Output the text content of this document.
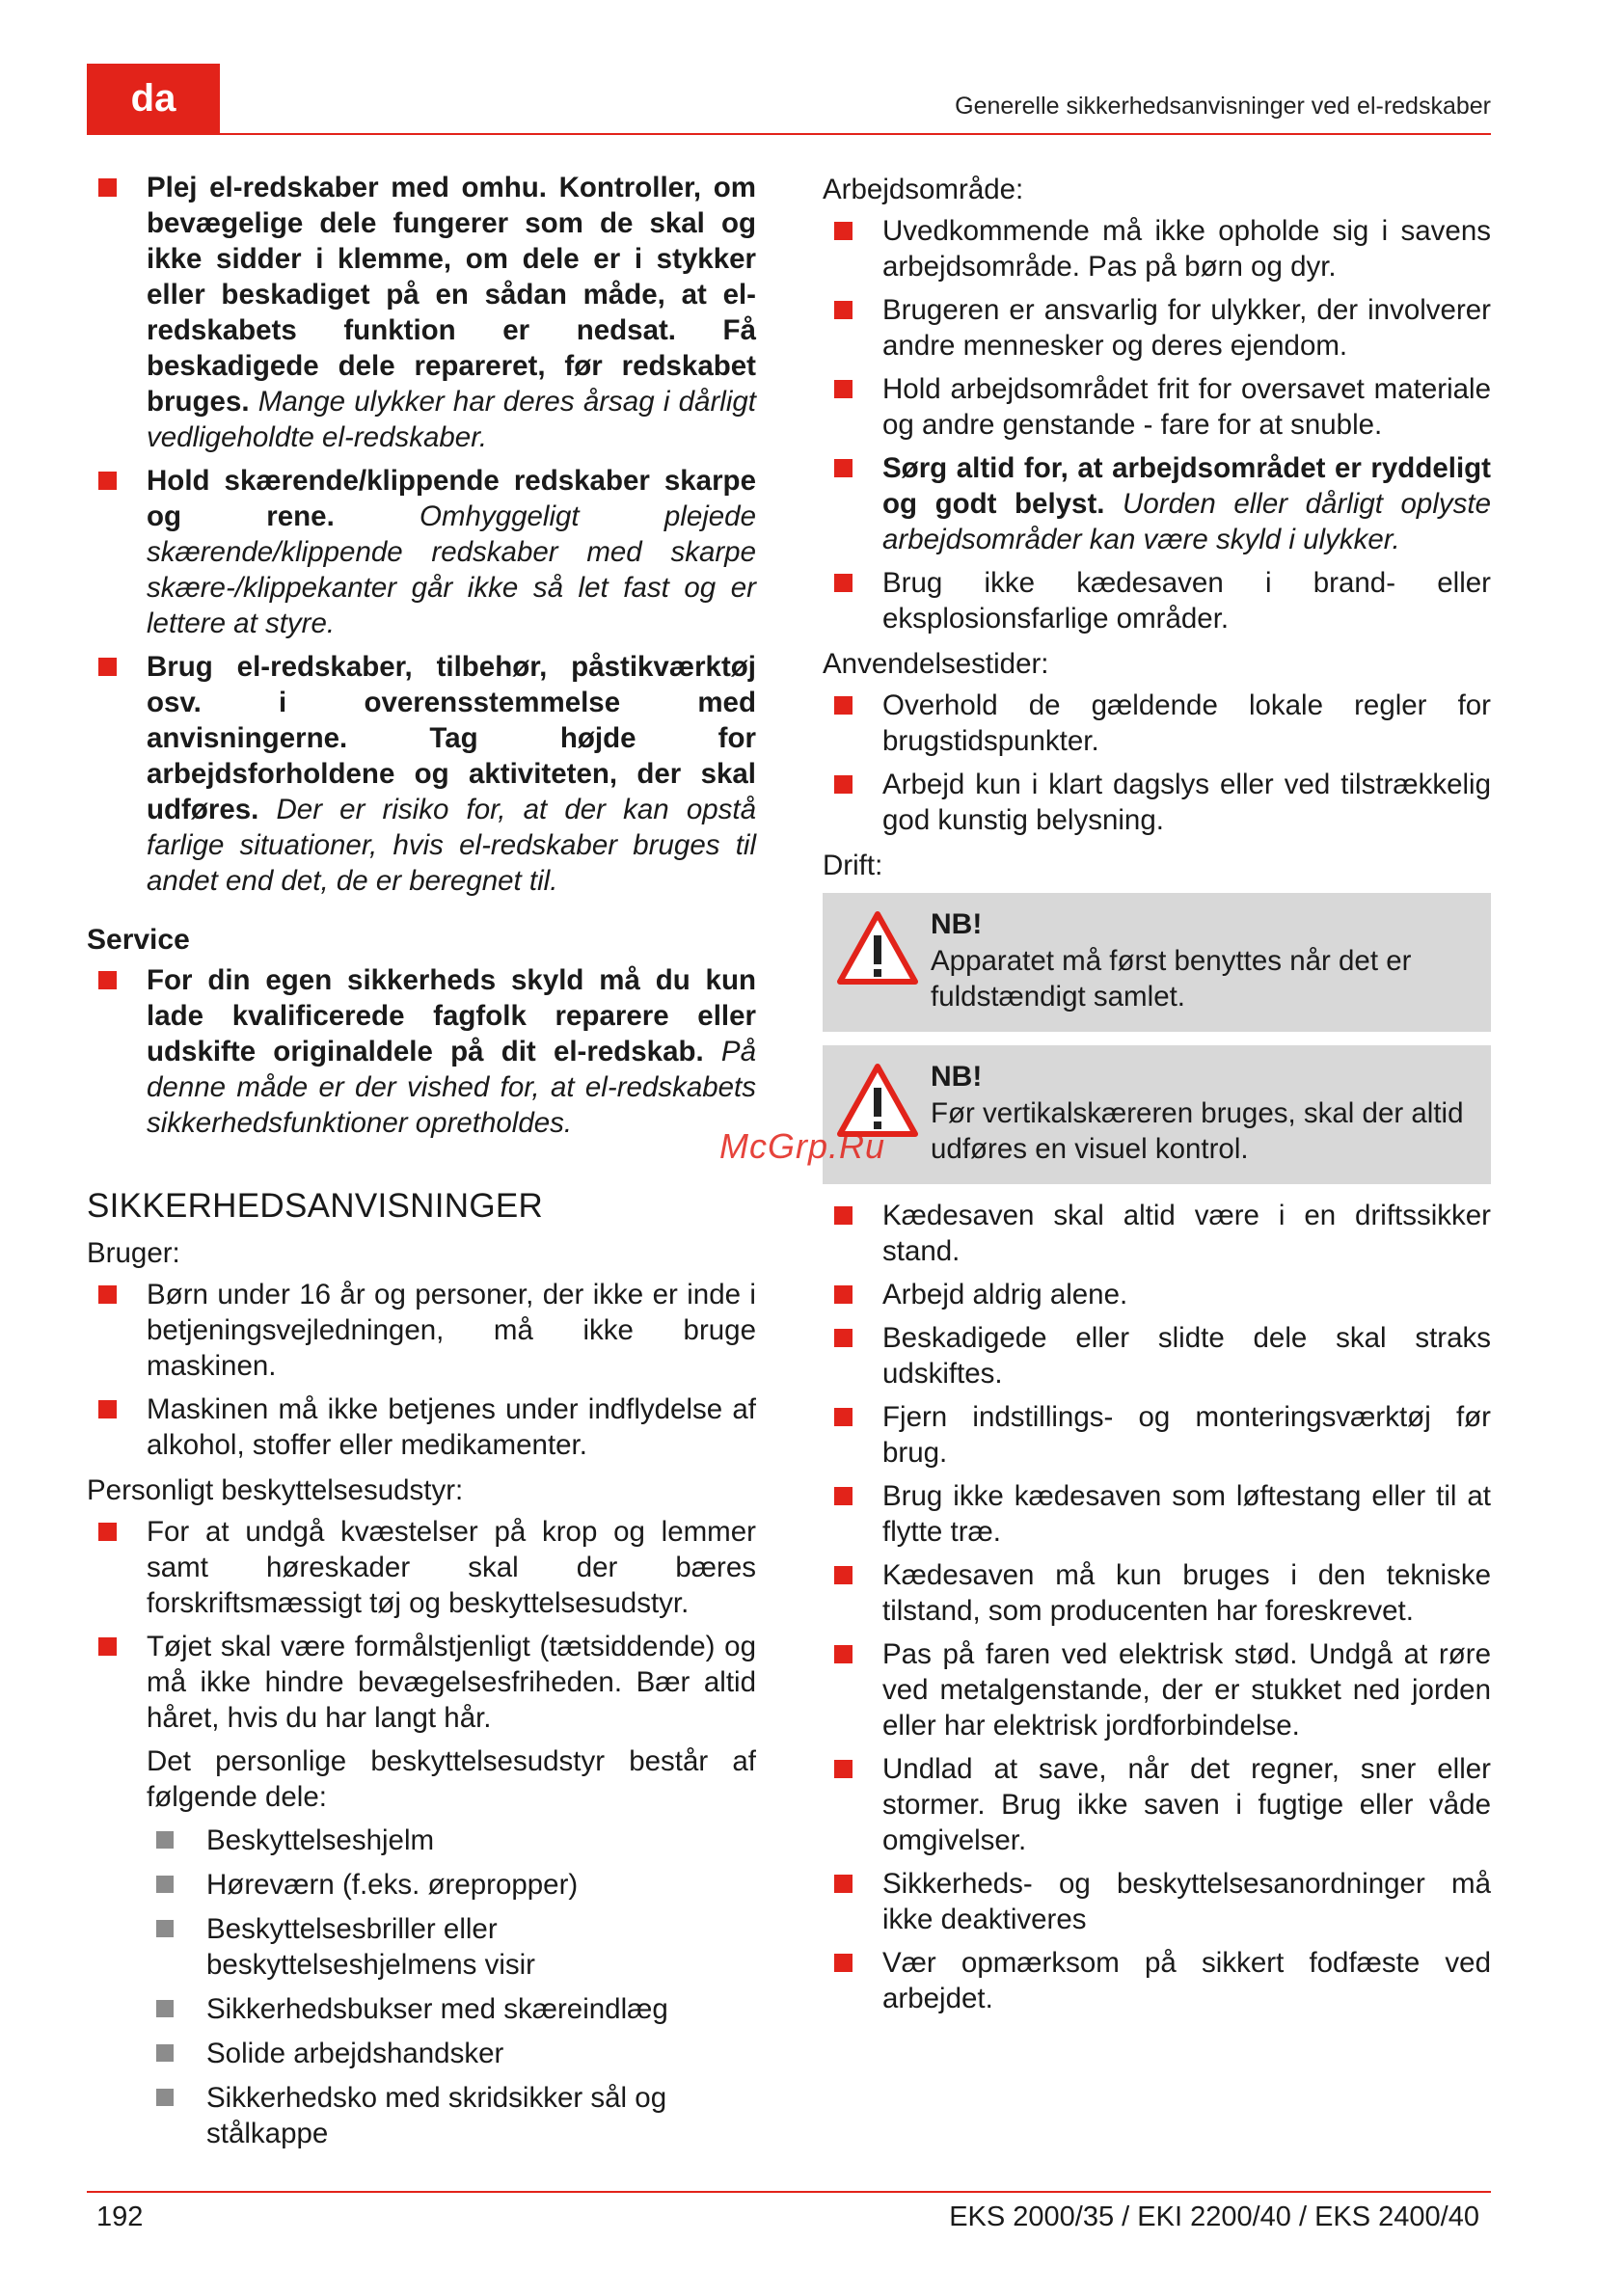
da	Generelle sikkerhedsanvisninger ved el-redskaber
Plej el-redskaber med omhu. Kontroller, om bevægelige dele fungerer som de skal og ikke sidder i klemme, om dele er i stykker eller beskadiget på en sådan måde, at el-redskabets funktion er nedsat. Få beskadigede dele repareret, før redskabet bruges. Mange ulykker har deres årsag i dårligt vedligeholdte el-redskaber.
Hold skærende/klippende redskaber skarpe og rene. Omhyggeligt plejede skærende/klippende redskaber med skarpe skære-/klippekanter går ikke så let fast og er lettere at styre.
Brug el-redskaber, tilbehør, påstikværktøj osv. i overensstemmelse med anvisningerne. Tag højde for arbejdsforholdene og aktiviteten, der skal udføres. Der er risiko for, at der kan opstå farlige situationer, hvis el-redskaber bruges til andet end det, de er beregnet til.
Service
For din egen sikkerheds skyld må du kun lade kvalificerede fagfolk reparere eller udskifte originaldele på dit el-redskab. På denne måde er der vished for, at el-redskabets sikkerhedsfunktioner opretholdes.
SIKKERHEDSANVISNINGER
Bruger:
Børn under 16 år og personer, der ikke er inde i betjeningsvejledningen, må ikke bruge maskinen.
Maskinen må ikke betjenes under indflydelse af alkohol, stoffer eller medikamenter.
Personligt beskyttelsesudstyr:
For at undgå kvæstelser på krop og lemmer samt høreskader skal der bæres forskriftsmæssigt tøj og beskyttelsesudstyr.
Tøjet skal være formålstjenligt (tætsiddende) og må ikke hindre bevægelsesfriheden. Bær altid håret, hvis du har langt hår.
Det personlige beskyttelsesudstyr består af følgende dele:
Beskyttelseshjelm
Høreværn (f.eks. ørepropper)
Beskyttelsesbriller eller beskyttelseshjelmens visir
Sikkerhedsbukser med skæreindlæg
Solide arbejdshandsker
Sikkerhedsko med skridsikker sål og stålkappe
Arbejdsområde:
Uvedkommende må ikke opholde sig i savens arbejdsområde. Pas på børn og dyr.
Brugeren er ansvarlig for ulykker, der involverer andre mennesker og deres ejendom.
Hold arbejdsområdet frit for oversavet materiale og andre genstande - fare for at snuble.
Sørg altid for, at arbejdsområdet er ryddeligt og godt belyst. Uorden eller dårligt oplyste arbejdsområder kan være skyld i ulykker.
Brug ikke kædesaven i brand- eller eksplosionsfarlige områder.
Anvendelsestider:
Overhold de gældende lokale regler for brugstidspunkter.
Arbejd kun i klart dagslys eller ved tilstrækkelig god kunstig belysning.
Drift:
NB!
Apparatet må først benyttes når det er fuldstændigt samlet.
NB!
Før vertikalskæreren bruges, skal der altid udføres en visuel kontrol.
Kædesaven skal altid være i en driftssikker stand.
Arbejd aldrig alene.
Beskadigede eller slidte dele skal straks udskiftes.
Fjern indstillings- og monteringsværktøj før brug.
Brug ikke kædesaven som løftestang eller til at flytte træ.
Kædesaven må kun bruges i den tekniske tilstand, som producenten har foreskrevet.
Pas på faren ved elektrisk stød. Undgå at røre ved metalgenstande, der er stukket ned jorden eller har elektrisk jordforbindelse.
Undlad at save, når det regner, sner eller stormer. Brug ikke saven i fugtige eller våde omgivelser.
Sikkerheds- og beskyttelsesanordninger må ikke deaktiveres
Vær opmærksom på sikkert fodfæste ved arbejdet.
McGrp.Ru
192	EKS 2000/35 / EKI 2200/40 / EKS 2400/40
